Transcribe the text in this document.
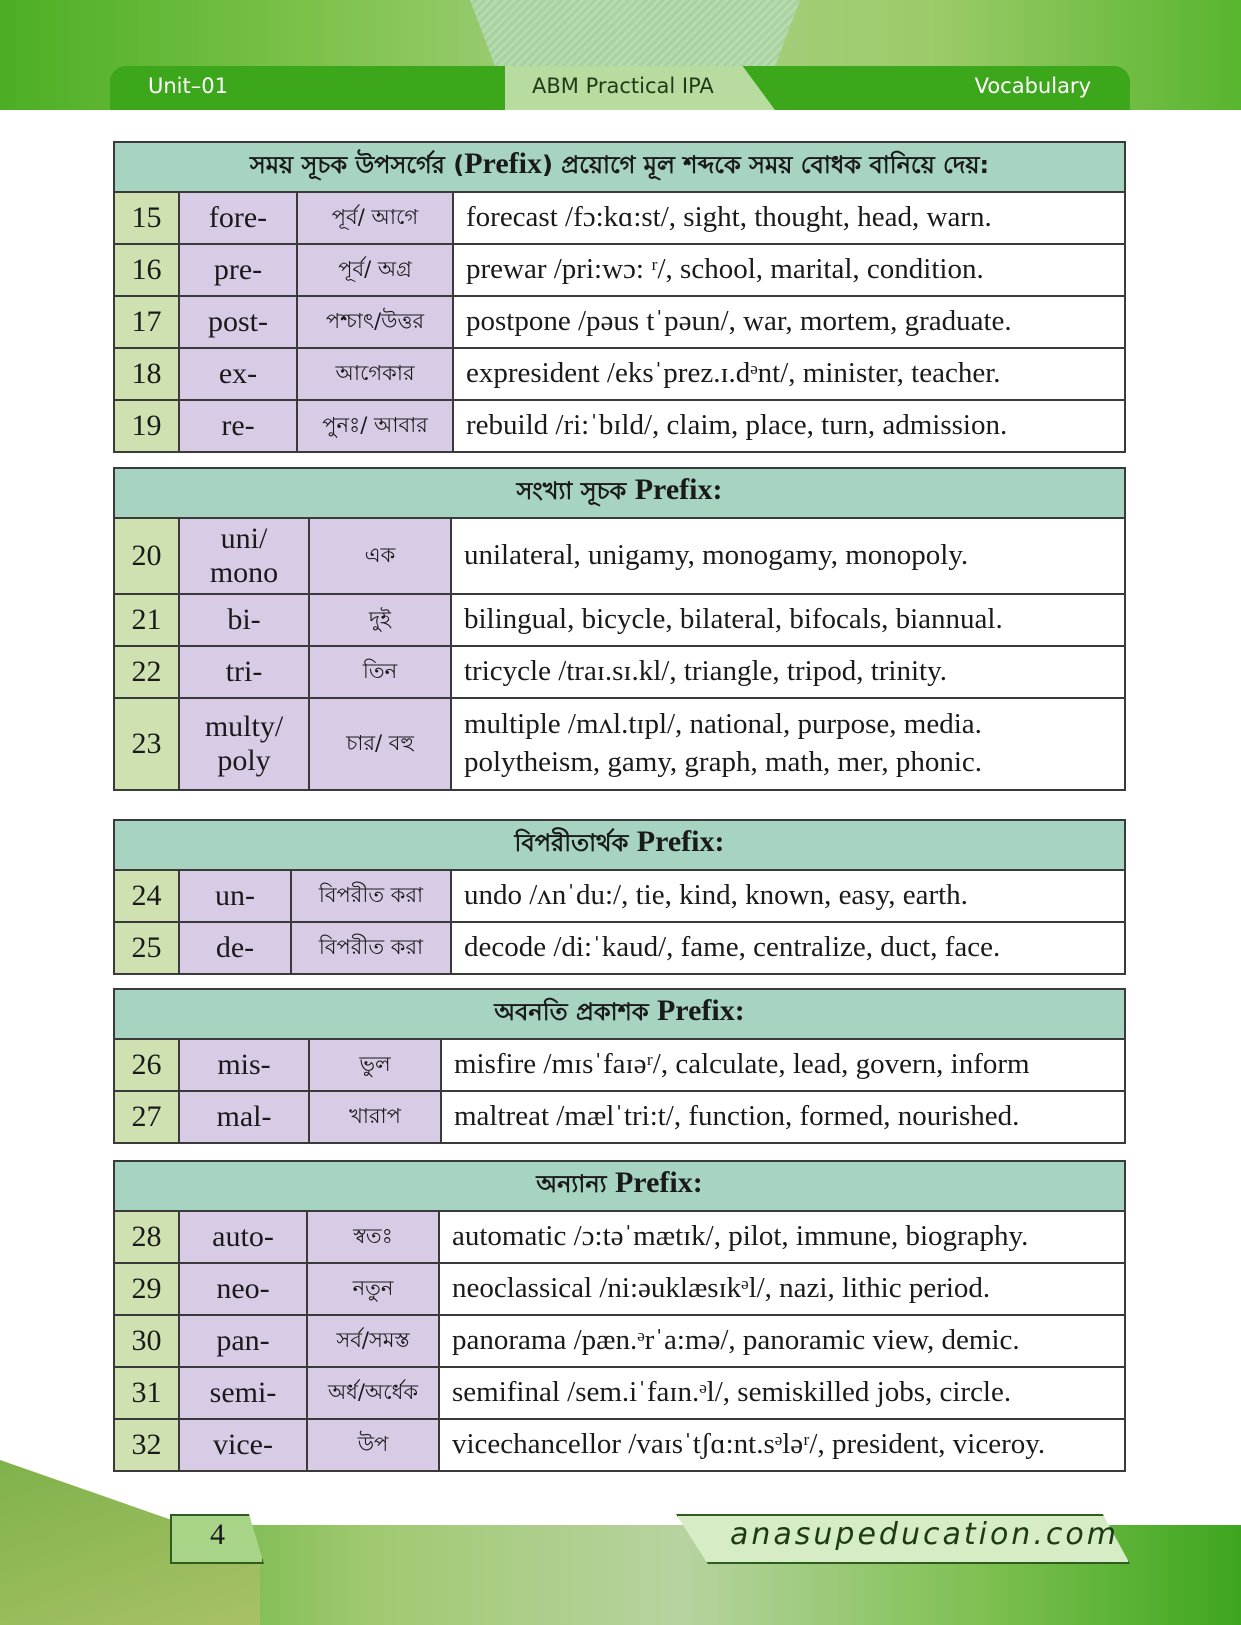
Unit–01	ABM Practical IPA	Vocabulary
সময় সূচক উপসর্গের (Prefix) প্রয়োগে মূল শব্দকে সময় বোধক বানিয়ে দেয়:			
15	fore-	পূর্ব/ আগে	forecast /fɔ:kɑ:st/, sight, thought, head, warn.
16	pre-	পূর্ব/ অগ্র	prewar /pri:wɔ: ʳ/, school, marital, condition.
17	post-	পশ্চাৎ/উত্তর	postpone /pəus tˈpəun/, war, mortem, graduate.
18	ex-	আগেকার	expresident /eksˈprez.ɪ.dᵊnt/, minister, teacher.
19	re-	পুনঃ/ আবার	rebuild /ri:ˈbɪld/, claim, place, turn, admission.
সংখ্যা সূচক Prefix:			
20	uni/ mono	এক	unilateral, unigamy, monogamy, monopoly.
21	bi-	দুই	bilingual, bicycle, bilateral, bifocals, biannual.
22	tri-	তিন	tricycle /traɪ.sɪ.kl/, triangle, tripod, trinity.
23	multy/ poly	চার/ বহু	multiple /mʌl.tɪpl/, national, purpose, media.
polytheism, gamy, graph, math, mer, phonic.
বিপরীতার্থক Prefix:			
24	un-	বিপরীত করা	undo /ʌnˈdu:/, tie, kind, known, easy, earth.
25	de-	বিপরীত করা	decode /di:ˈkaud/, fame, centralize, duct, face.
অবনতি প্রকাশক Prefix:			
26	mis-	ভুল	misfire /mɪsˈfaɪəʳ/, calculate, lead, govern, inform
27	mal-	খারাপ	maltreat /mælˈtri:t/, function, formed, nourished.
অন্যান্য Prefix:			
28	auto-	স্বতঃ	automatic /ɔ:təˈmætɪk/, pilot, immune, biography.
29	neo-	নতুন	neoclassical /ni:əuklæsɪkᵊl/, nazi, lithic period.
30	pan-	সর্ব/সমস্ত	panorama /pæn.ᵊrˈa:mə/, panoramic view, demic.
31	semi-	অর্ধ/অর্ধেক	semifinal /sem.iˈfaɪn.ᵊl/, semiskilled jobs, circle.
32	vice-	উপ	vicechancellor /vaɪsˈtʃɑ:nt.sᵊləʳ/, president, viceroy.
4	anasupeducation.com
